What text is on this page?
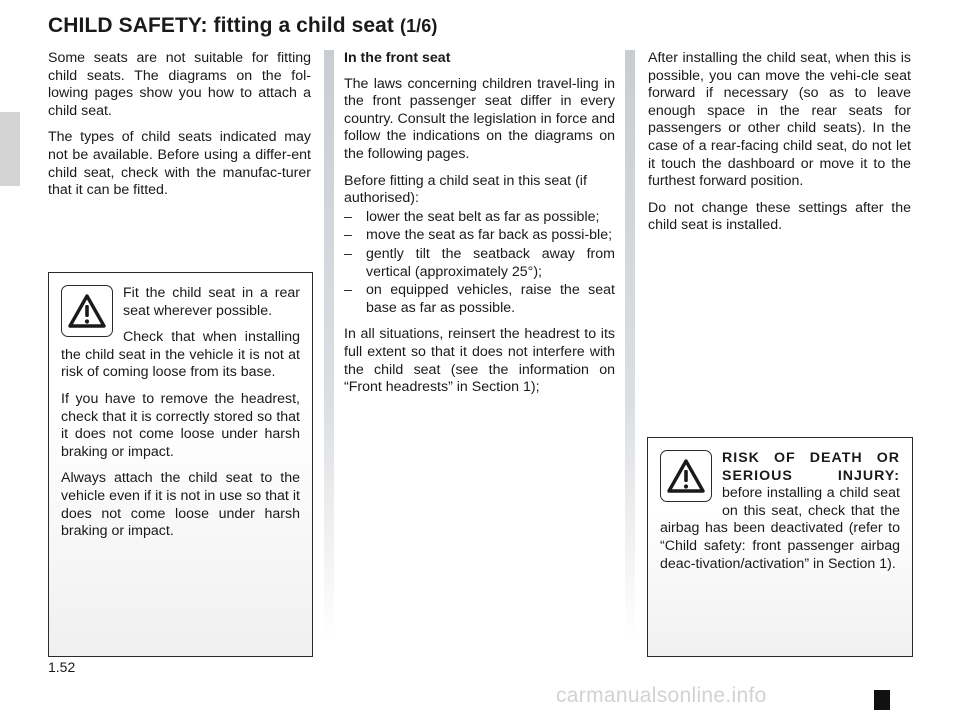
CHILD SAFETY: fitting a child seat (1/6)

Some seats are not suitable for fitting child seats. The diagrams on the fol-lowing pages show you how to attach a child seat.

The types of child seats indicated may not be available. Before using a differ-ent child seat, check with the manufac-turer that it can be fitted.

Fit the child seat in a rear seat wherever possible.

Check that when installing the child seat in the vehicle it is not at risk of coming loose from its base.

If you have to remove the headrest, check that it is correctly stored so that it does not come loose under harsh braking or impact.

Always attach the child seat to the vehicle even if it is not in use so that it does not come loose under harsh braking or impact.

In the front seat

The laws concerning children travel-ling in the front passenger seat differ in every country. Consult the legislation in force and follow the indications on the diagrams on the following pages.

Before fitting a child seat in this seat (if authorised):

– lower the seat belt as far as possible;
– move the seat as far back as possi-ble;
– gently tilt the seatback away from vertical (approximately 25°);
– on equipped vehicles, raise the seat base as far as possible.

In all situations, reinsert the headrest to its full extent so that it does not interfere with the child seat (see the information on “Front headrests” in Section 1);

After installing the child seat, when this is possible, you can move the vehi-cle seat forward if necessary (so as to leave enough space in the rear seats for passengers or other child seats). In the case of a rear-facing child seat, do not let it touch the dashboard or move it to the furthest forward position.

Do not change these settings after the child seat is installed.

RISK OF DEATH OR SERIOUS INJURY: before installing a child seat on this seat, check that the airbag has been deactivated (refer to “Child safety: front passenger airbag deac-tivation/activation” in Section 1).

1.52
carmanualsonline.info
